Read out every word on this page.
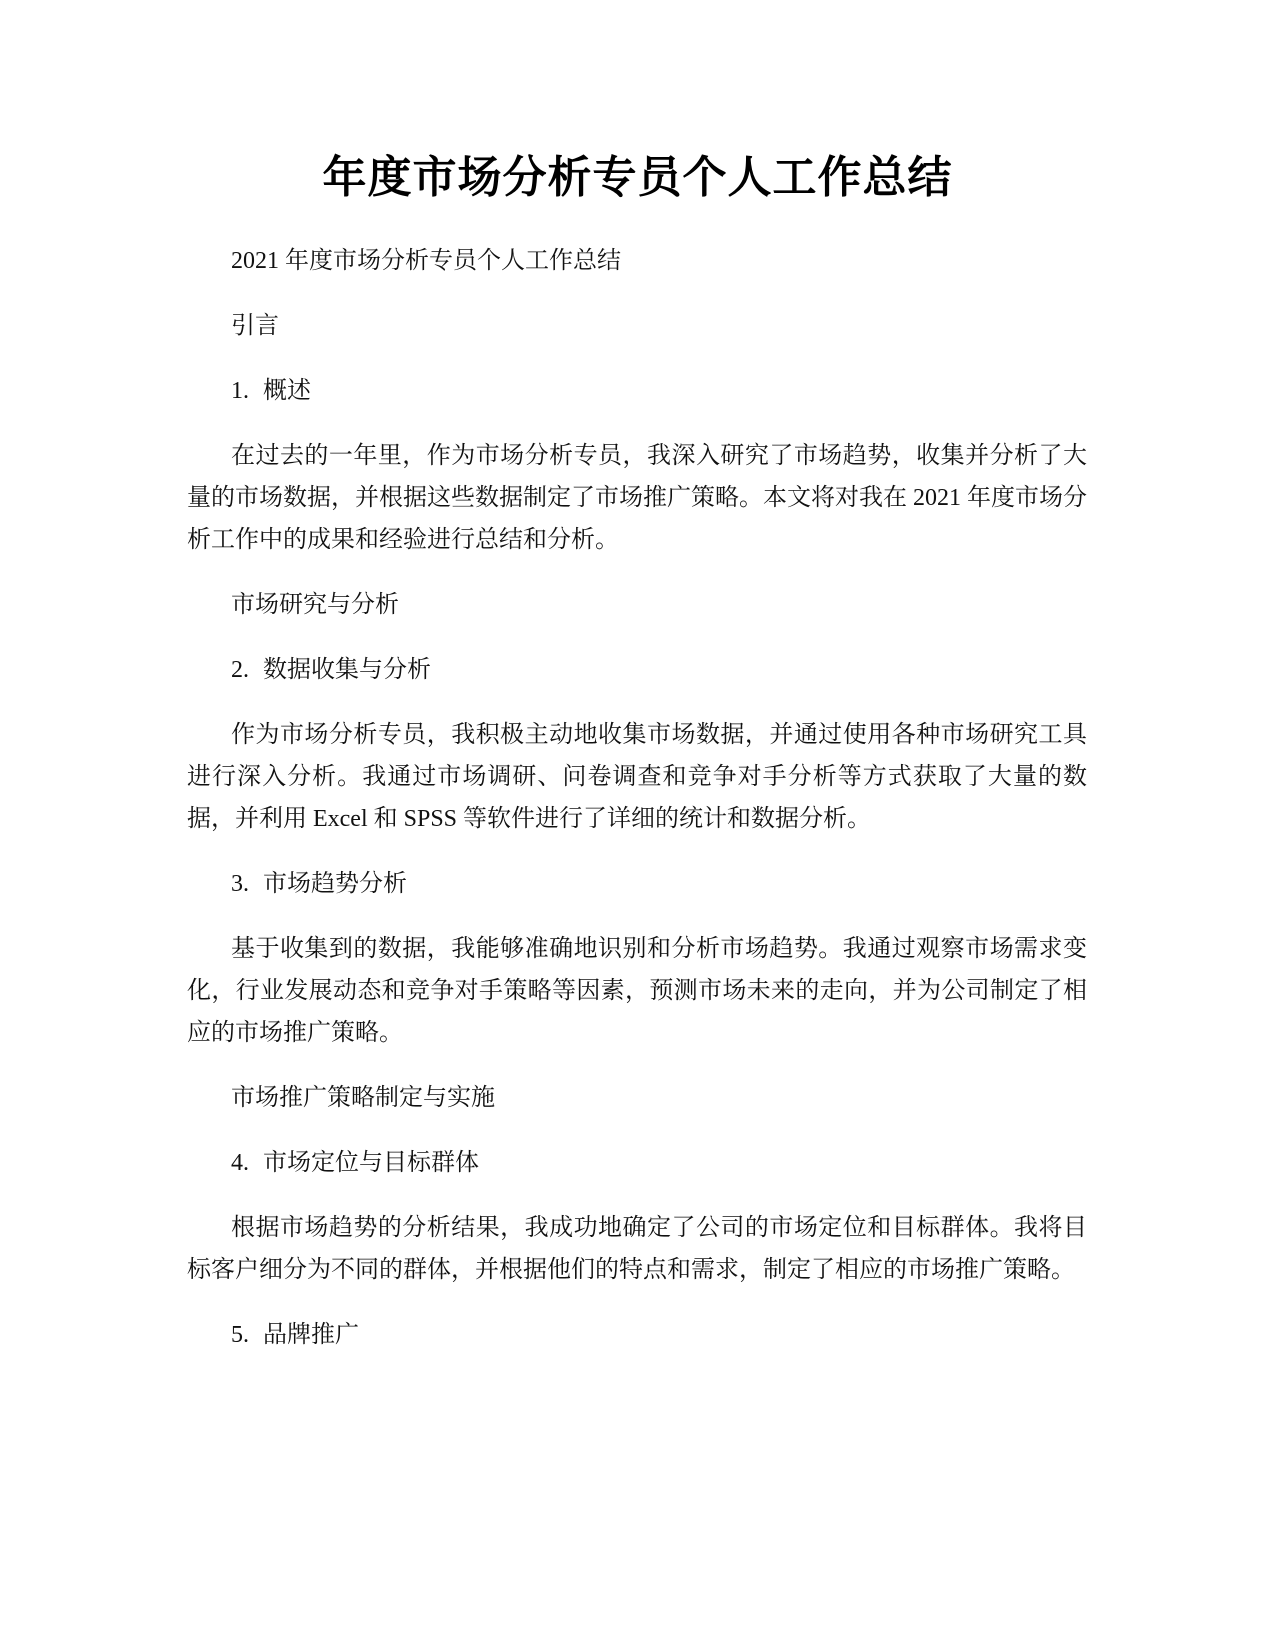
年度市场分析专员个人工作总结

2021 年度市场分析专员个人工作总结

引言

1. 概述

在过去的一年里，作为市场分析专员，我深入研究了市场趋势，收集并分析了大量的市场数据，并根据这些数据制定了市场推广策略。本文将对我在 2021 年度市场分析工作中的成果和经验进行总结和分析。

市场研究与分析

2. 数据收集与分析

作为市场分析专员，我积极主动地收集市场数据，并通过使用各种市场研究工具进行深入分析。我通过市场调研、问卷调查和竞争对手分析等方式获取了大量的数据，并利用 Excel 和 SPSS 等软件进行了详细的统计和数据分析。

3. 市场趋势分析

基于收集到的数据，我能够准确地识别和分析市场趋势。我通过观察市场需求变化，行业发展动态和竞争对手策略等因素，预测市场未来的走向，并为公司制定了相应的市场推广策略。

市场推广策略制定与实施

4. 市场定位与目标群体

根据市场趋势的分析结果，我成功地确定了公司的市场定位和目标群体。我将目标客户细分为不同的群体，并根据他们的特点和需求，制定了相应的市场推广策略。

5. 品牌推广
